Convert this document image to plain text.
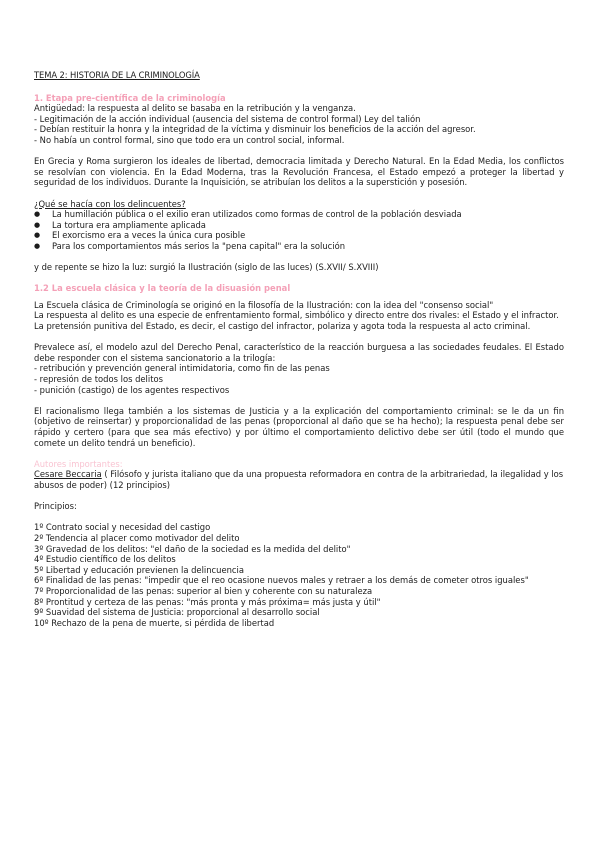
TEMA 2: HISTORIA DE LA CRIMINOLOGÍA
1. Etapa pre-científica de la criminología

Antigüedad: la respuesta al delito se basaba en la retribución y la venganza.

- Legitimación de la acción individual (ausencia del sistema de control formal) Ley del talión

- Debían restituir la honra y la integridad de la víctima y disminuir los beneficios de la acción del agresor.

- No había un control formal, sino que todo era un control social, informal.

En Grecia y Roma surgieron los ideales de libertad, democracia limitada y Derecho Natural. En la Edad Media, los conflictos se resolvían con violencia. En la Edad Moderna, tras la Revolución Francesa, el Estado empezó a proteger la libertad y seguridad de los individuos. Durante la Inquisición, se atribuían los delitos a la superstición y posesión.

¿Qué se hacía con los delincuentes?

● La humillación pública o el exilio eran utilizados como formas de control de la población desviada
● La tortura era ampliamente aplicada
● El exorcismo era a veces la única cura posible
● Para los comportamientos más serios la "pena capital" era la solución

y de repente se hizo la luz: surgió la Ilustración (siglo de las luces) (S.XVII/ S.XVIII)

1.2 La escuela clásica y la teoría de la disuasión penal

La Escuela clásica de Criminología se originó en la filosofía de la Ilustración: con la idea del "consenso social"

La respuesta al delito es una especie de enfrentamiento formal, simbólico y directo entre dos rivales: el Estado y el infractor.

La pretensión punitiva del Estado, es decir, el castigo del infractor, polariza y agota toda la respuesta al acto criminal.

Prevalece así, el modelo azul del Derecho Penal, característico de la reacción burguesa a las sociedades feudales. El Estado debe responder con el sistema sancionatorio a la trilogía:

- retribución y prevención general intimidatoria, como fin de las penas

- represión de todos los delitos

- punición (castigo) de los agentes respectivos

El racionalismo llega también a los sistemas de Justicia y a la explicación del comportamiento criminal: se le da un fin (objetivo de reinsertar) y proporcionalidad de las penas (proporcional al daño que se ha hecho); la respuesta penal debe ser rápido y certero (para que sea más efectivo) y por último el comportamiento delictivo debe ser útil (todo el mundo que comete un delito tendrá un beneficio).

Autores importantes:

Cesare Beccaria ( Filósofo y jurista italiano que da una propuesta reformadora en contra de la arbitrariedad, la ilegalidad y los abusos de poder) (12 principios)

Principios:

1º Contrato social y necesidad del castigo

2º Tendencia al placer como motivador del delito

3º Gravedad de los delitos: "el daño de la sociedad es la medida del delito"

4º Estudio científico de los delitos

5º Libertad y educación previenen la delincuencia

6º Finalidad de las penas: "impedir que el reo ocasione nuevos males y retraer a los demás de cometer otros iguales"

7º Proporcionalidad de las penas: superior al bien y coherente con su naturaleza

8º Prontitud y certeza de las penas: "más pronta y más próxima= más justa y útil"

9º Suavidad del sistema de Justicia: proporcional al desarrollo social

10º Rechazo de la pena de muerte, si pérdida de libertad
